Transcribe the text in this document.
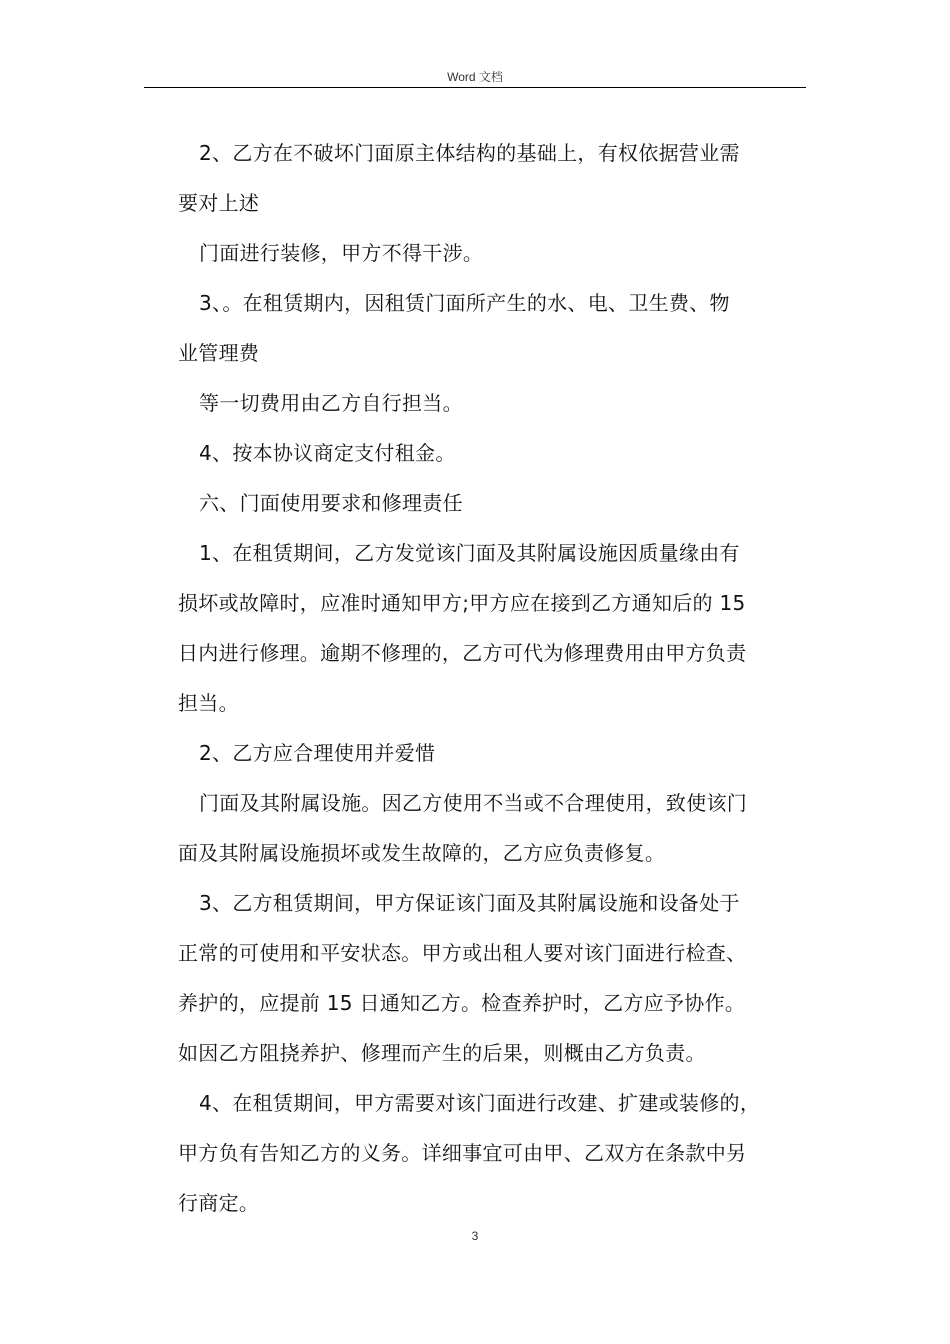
Word 文档
2、乙方在不破坏门面原主体结构的基础上，有权依据营业需
要对上述
门面进行装修，甲方不得干涉。
3、。在租赁期内，因租赁门面所产生的水、电、卫生费、物
业管理费
等一切费用由乙方自行担当。
4、按本协议商定支付租金。
六、门面使用要求和修理责任
1、在租赁期间，乙方发觉该门面及其附属设施因质量缘由有
损坏或故障时，应准时通知甲方;甲方应在接到乙方通知后的 15
日内进行修理。逾期不修理的，乙方可代为修理费用由甲方负责
担当。
2、乙方应合理使用并爱惜
门面及其附属设施。因乙方使用不当或不合理使用，致使该门
面及其附属设施损坏或发生故障的，乙方应负责修复。
3、乙方租赁期间，甲方保证该门面及其附属设施和设备处于
正常的可使用和平安状态。甲方或出租人要对该门面进行检查、
养护的，应提前 15 日通知乙方。检查养护时，乙方应予协作。
如因乙方阻挠养护、修理而产生的后果，则概由乙方负责。
4、在租赁期间，甲方需要对该门面进行改建、扩建或装修的，
甲方负有告知乙方的义务。详细事宜可由甲、乙双方在条款中另
行商定。
3
